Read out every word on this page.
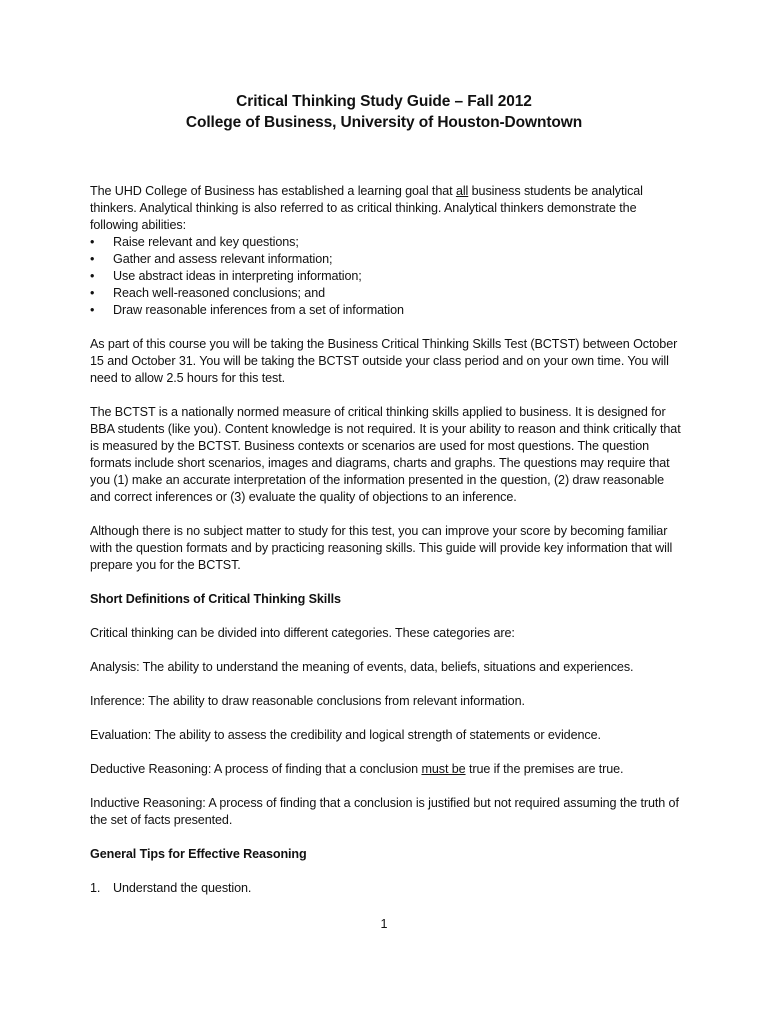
Critical Thinking Study Guide – Fall 2012
College of Business, University of Houston-Downtown

The UHD College of Business has established a learning goal that all business students be analytical thinkers. Analytical thinking is also referred to as critical thinking. Analytical thinkers demonstrate the following abilities:

• Raise relevant and key questions;
• Gather and assess relevant information;
• Use abstract ideas in interpreting information;
• Reach well-reasoned conclusions; and
• Draw reasonable inferences from a set of information

As part of this course you will be taking the Business Critical Thinking Skills Test (BCTST) between October 15 and October 31. You will be taking the BCTST outside your class period and on your own time. You will need to allow 2.5 hours for this test.

The BCTST is a nationally normed measure of critical thinking skills applied to business. It is designed for BBA students (like you). Content knowledge is not required. It is your ability to reason and think critically that is measured by the BCTST. Business contexts or scenarios are used for most questions. The question formats include short scenarios, images and diagrams, charts and graphs. The questions may require that you (1) make an accurate interpretation of the information presented in the question, (2) draw reasonable and correct inferences or (3) evaluate the quality of objections to an inference.

Although there is no subject matter to study for this test, you can improve your score by becoming familiar with the question formats and by practicing reasoning skills. This guide will provide key information that will prepare you for the BCTST.

Short Definitions of Critical Thinking Skills

Critical thinking can be divided into different categories. These categories are:

Analysis: The ability to understand the meaning of events, data, beliefs, situations and experiences.

Inference: The ability to draw reasonable conclusions from relevant information.

Evaluation: The ability to assess the credibility and logical strength of statements or evidence.

Deductive Reasoning: A process of finding that a conclusion must be true if the premises are true.

Inductive Reasoning: A process of finding that a conclusion is justified but not required assuming the truth of the set of facts presented.

General Tips for Effective Reasoning

1. Understand the question.

1
